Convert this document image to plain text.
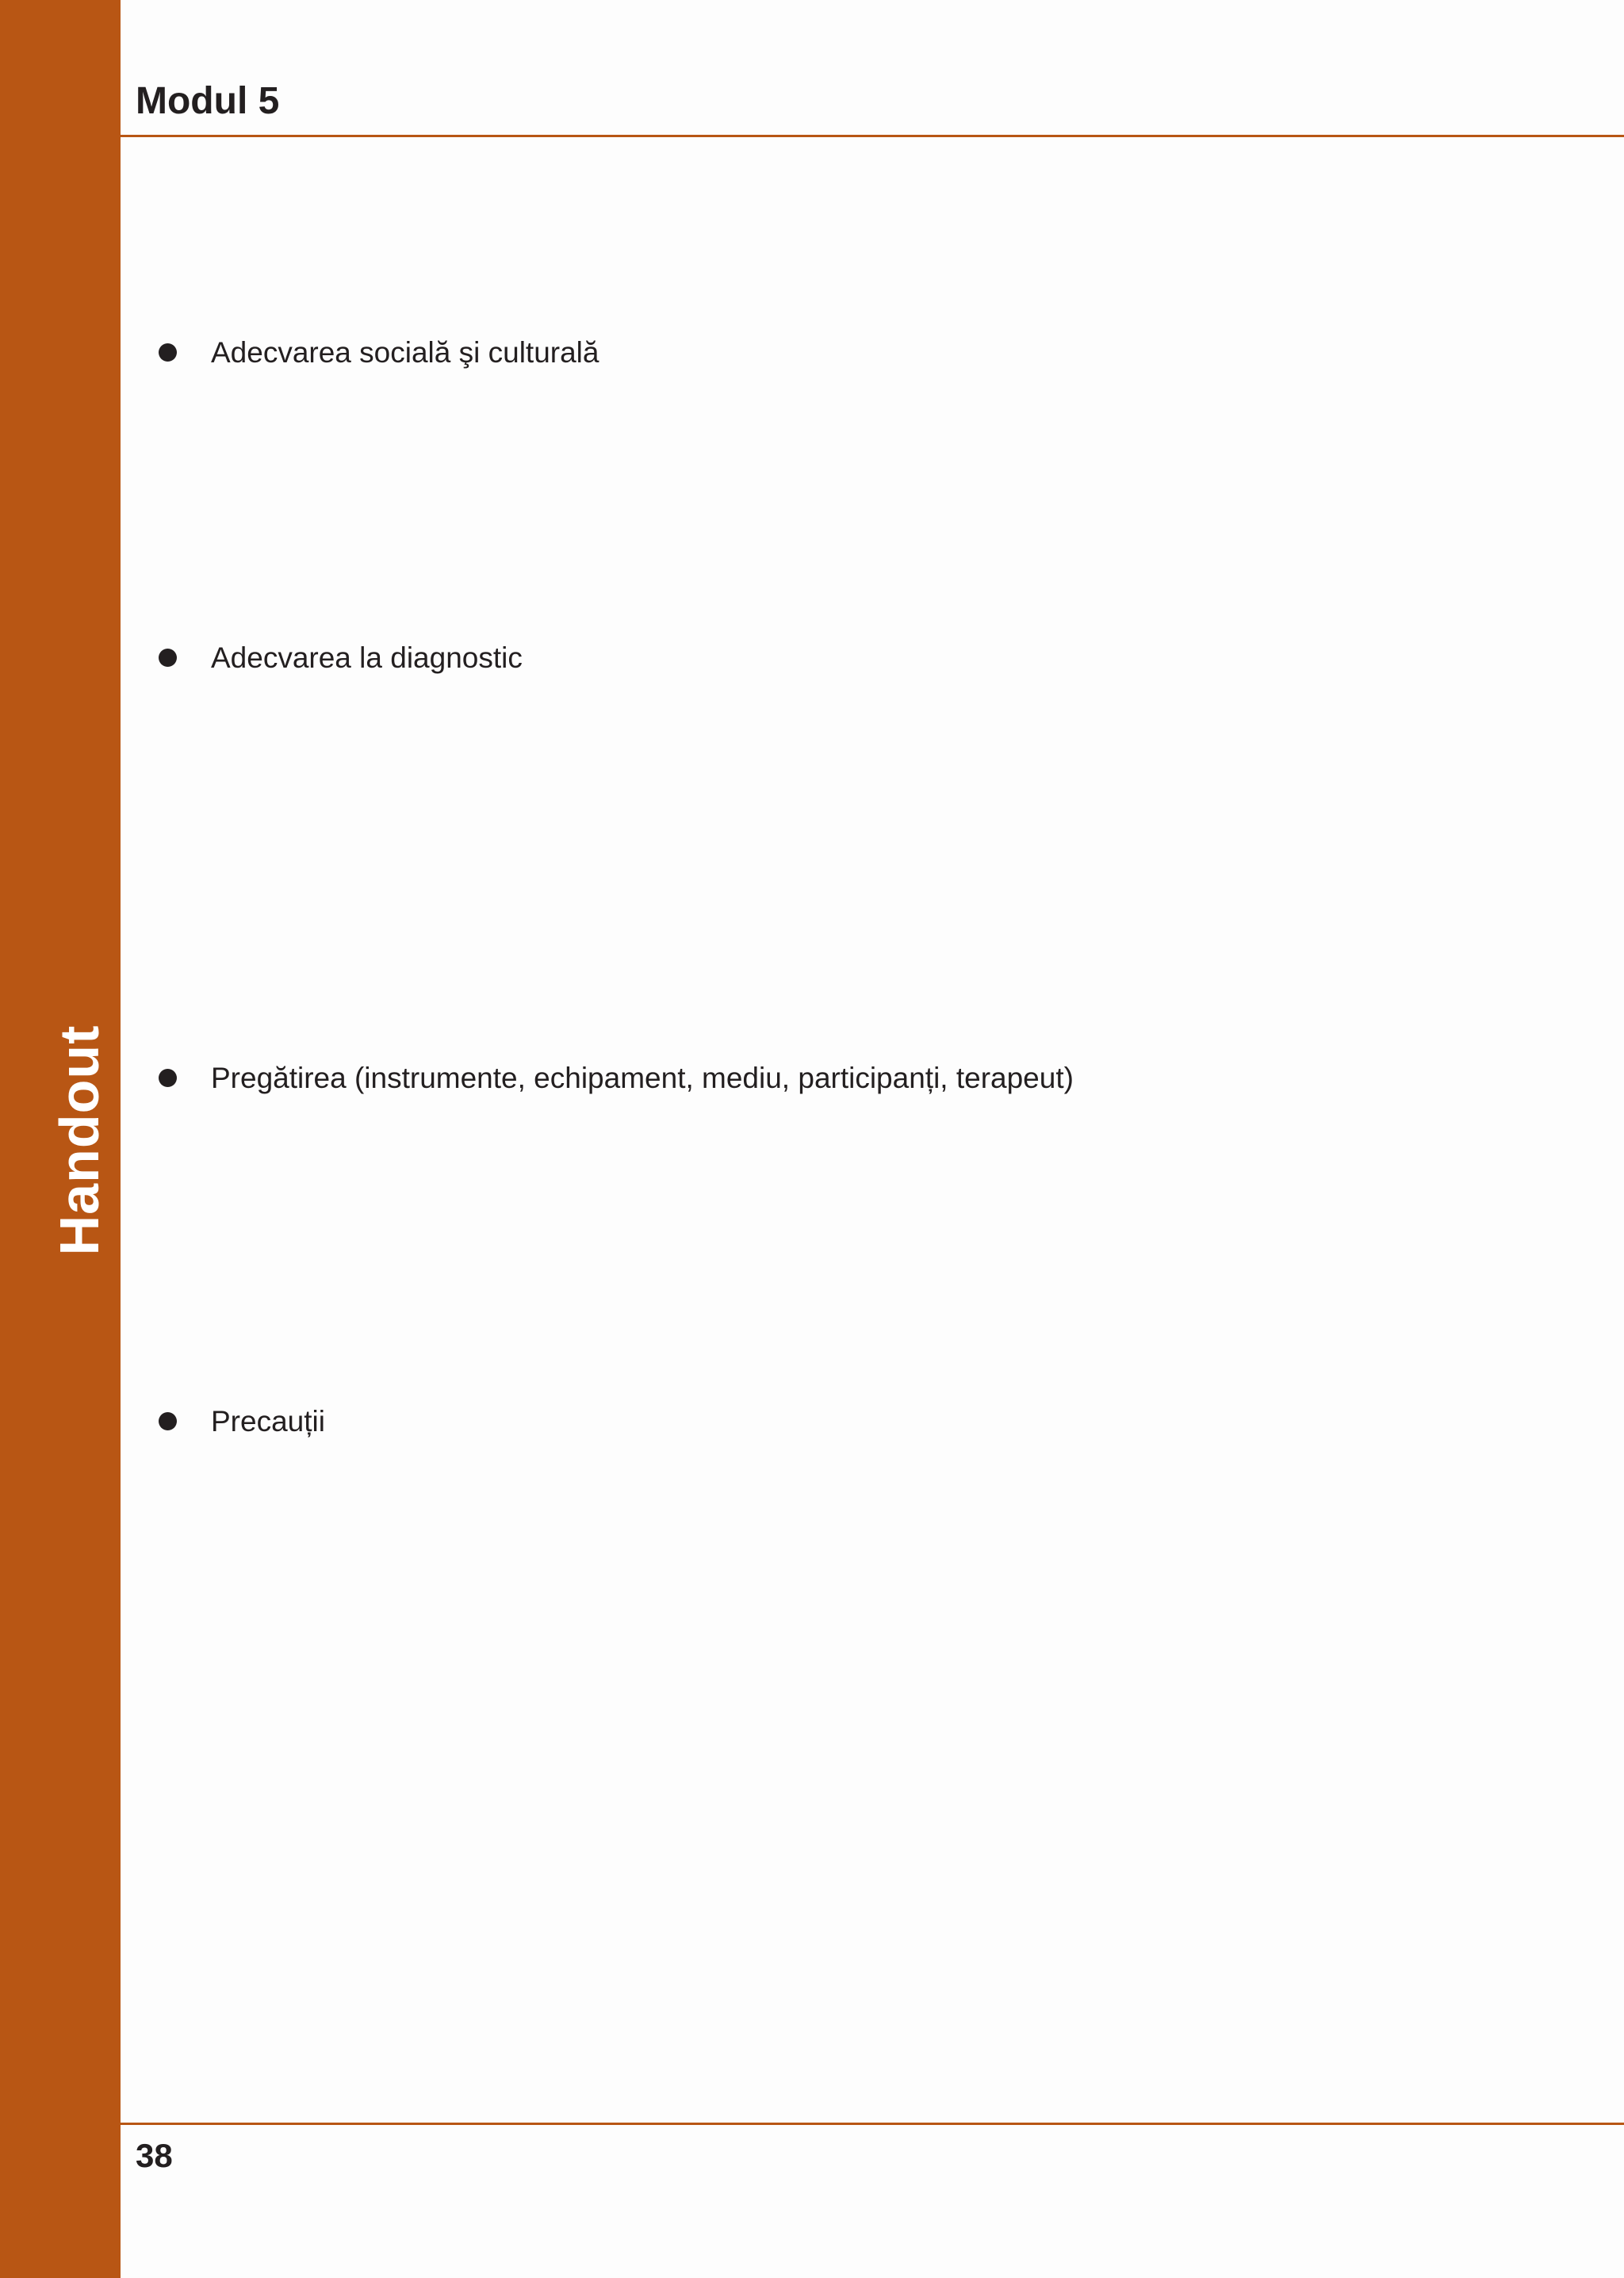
Handout
Modul 5
Adecvarea socială şi culturală
Adecvarea la diagnostic
Pregătirea (instrumente, echipament, mediu, participanți, terapeut)
Precauții
38
